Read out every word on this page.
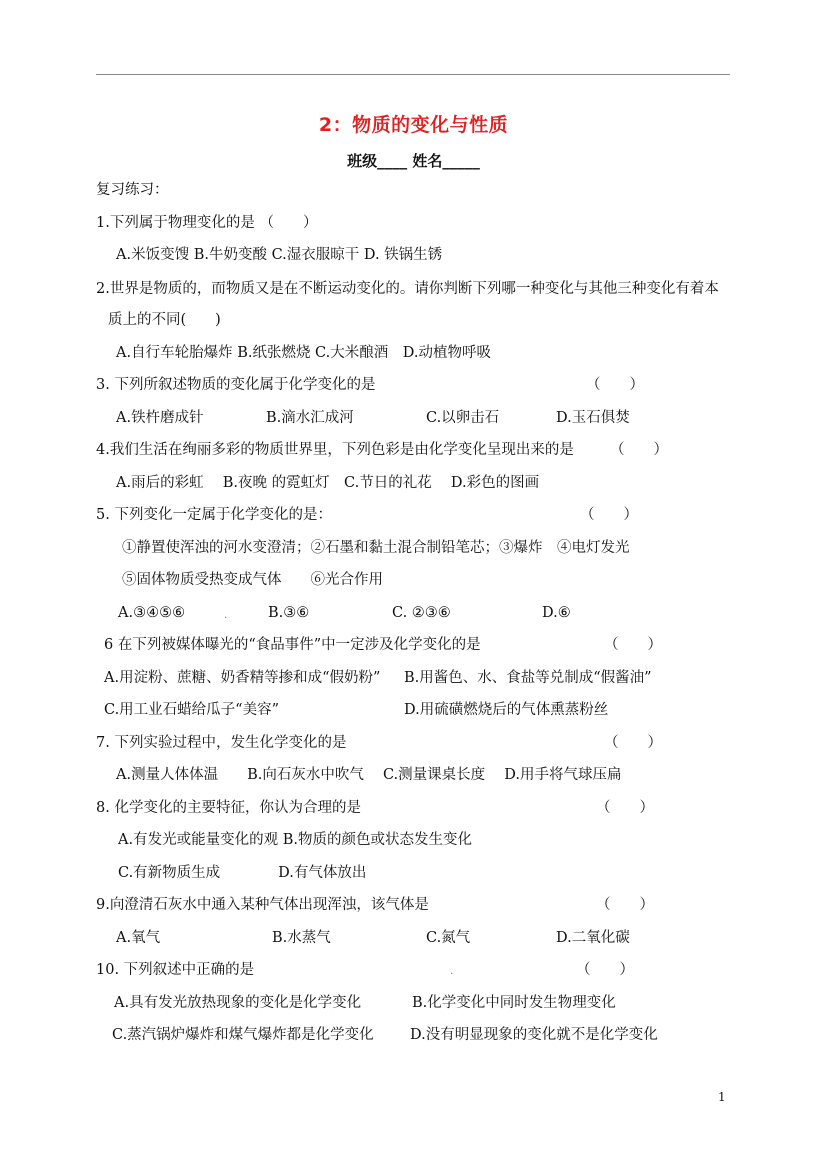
2：物质的变化与性质
班级____ 姓名_____
复习练习：
1.下列属于物理变化的是 （　　）
A.米饭变馊 B.牛奶变酸 C.湿衣服晾干 D. 铁锅生锈
2.世界是物质的，而物质又是在不断运动变化的。请你判断下列哪一种变化与其他三种变化有着本
质上的不同(　　)
A.自行车轮胎爆炸 B.纸张燃烧 C.大米酿酒　D.动植物呼吸
3. 下列所叙述物质的变化属于化学变化的是	（　　）
A.铁杵磨成针	B.滴水汇成河	C.以卵击石	D.玉石俱焚
4.我们生活在绚丽多彩的物质世界里，下列色彩是由化学变化呈现出来的是 （　　）
A.雨后的彩虹　 B.夜晚 的霓虹灯　C.节日的礼花　 D.彩色的图画
5. 下列变化一定属于化学变化的是：	（　　）
①静置使浑浊的河水变澄清；②石墨和黏土混合制铅笔芯；③爆炸　④电灯发光
⑤固体物质受热变成气体　　⑥光合作用
A.③④⑤⑥	.	B.③⑥	C. ②③⑥	D.⑥
6 在下列被媒体曝光的“食品事件”中一定涉及化学变化的是	（　　）
A.用淀粉、蔗糖、奶香精等掺和成“假奶粉” B.用酱色、水、食盐等兑制成“假酱油”
C.用工业石蜡给瓜子“美容”	D.用硫磺燃烧后的气体熏蒸粉丝
7. 下列实验过程中，发生化学变化的是	（　　）
A.测量人体体温　　B.向石灰水中吹气　 C.测量课桌长度　 D.用手将气球压扁
8. 化学变化的主要特征，你认为合理的是	（　　）
A.有发光或能量变化的观 B.物质的颜色或状态发生变化
C.有新物质生成　　　　D.有气体放出
9.向澄清石灰水中通入某种气体出现浑浊，该气体是	（　　）
A.氧气	B.水蒸气	C.氮气	D.二氧化碳
10. 下列叙述中正确的是	.	（　　）
A.具有发光放热现象的变化是化学变化	B.化学变化中同时发生物理变化
C.蒸汽锅炉爆炸和煤气爆炸都是化学变化	D.没有明显现象的变化就不是化学变化
1
